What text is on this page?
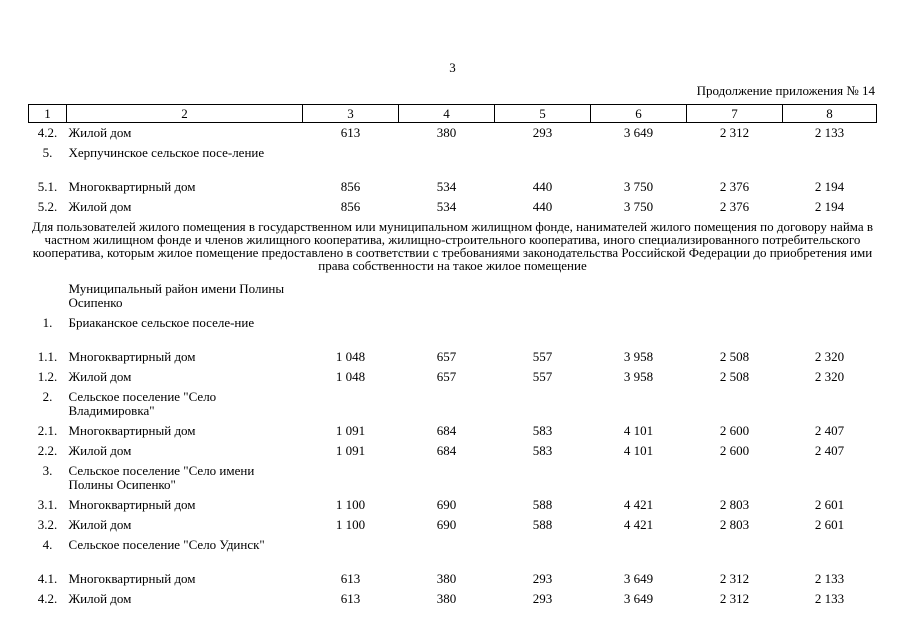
3
Продолжение приложения № 14
1	2	3	4	5	6	7	8
4.2.	Жилой дом	613	380	293	3 649	2 312	2 133
5.	Херпучинское сельское посе-ление						
5.1.	Многоквартирный дом	856	534	440	3 750	2 376	2 194
5.2.	Жилой дом	856	534	440	3 750	2 376	2 194
Для пользователей жилого помещения в государственном или муниципальном жилищном фонде, нанимателей жилого помещения по договору найма в частном жилищном фонде и членов жилищного кооператива, жилищно-строительного кооператива, иного специализированного потребительского кооператива, которым жилое помещение предоставлено в соответствии с требованиями законодательства Российской Федерации до приобретения ими права собственности на такое жилое помещение							
	Муниципальный район имени Полины Осипенко						
1.	Бриаканское сельское поселе-ние						
1.1.	Многоквартирный дом	1 048	657	557	3 958	2 508	2 320
1.2.	Жилой дом	1 048	657	557	3 958	2 508	2 320
2.	Сельское поселение "Село Владимировка"						
2.1.	Многоквартирный дом	1 091	684	583	4 101	2 600	2 407
2.2.	Жилой дом	1 091	684	583	4 101	2 600	2 407
3.	Сельское поселение "Село имени Полины Осипенко"						
3.1.	Многоквартирный дом	1 100	690	588	4 421	2 803	2 601
3.2.	Жилой дом	1 100	690	588	4 421	2 803	2 601
4.	Сельское поселение "Село Удинск"						
4.1.	Многоквартирный дом	613	380	293	3 649	2 312	2 133
4.2.	Жилой дом	613	380	293	3 649	2 312	2 133
